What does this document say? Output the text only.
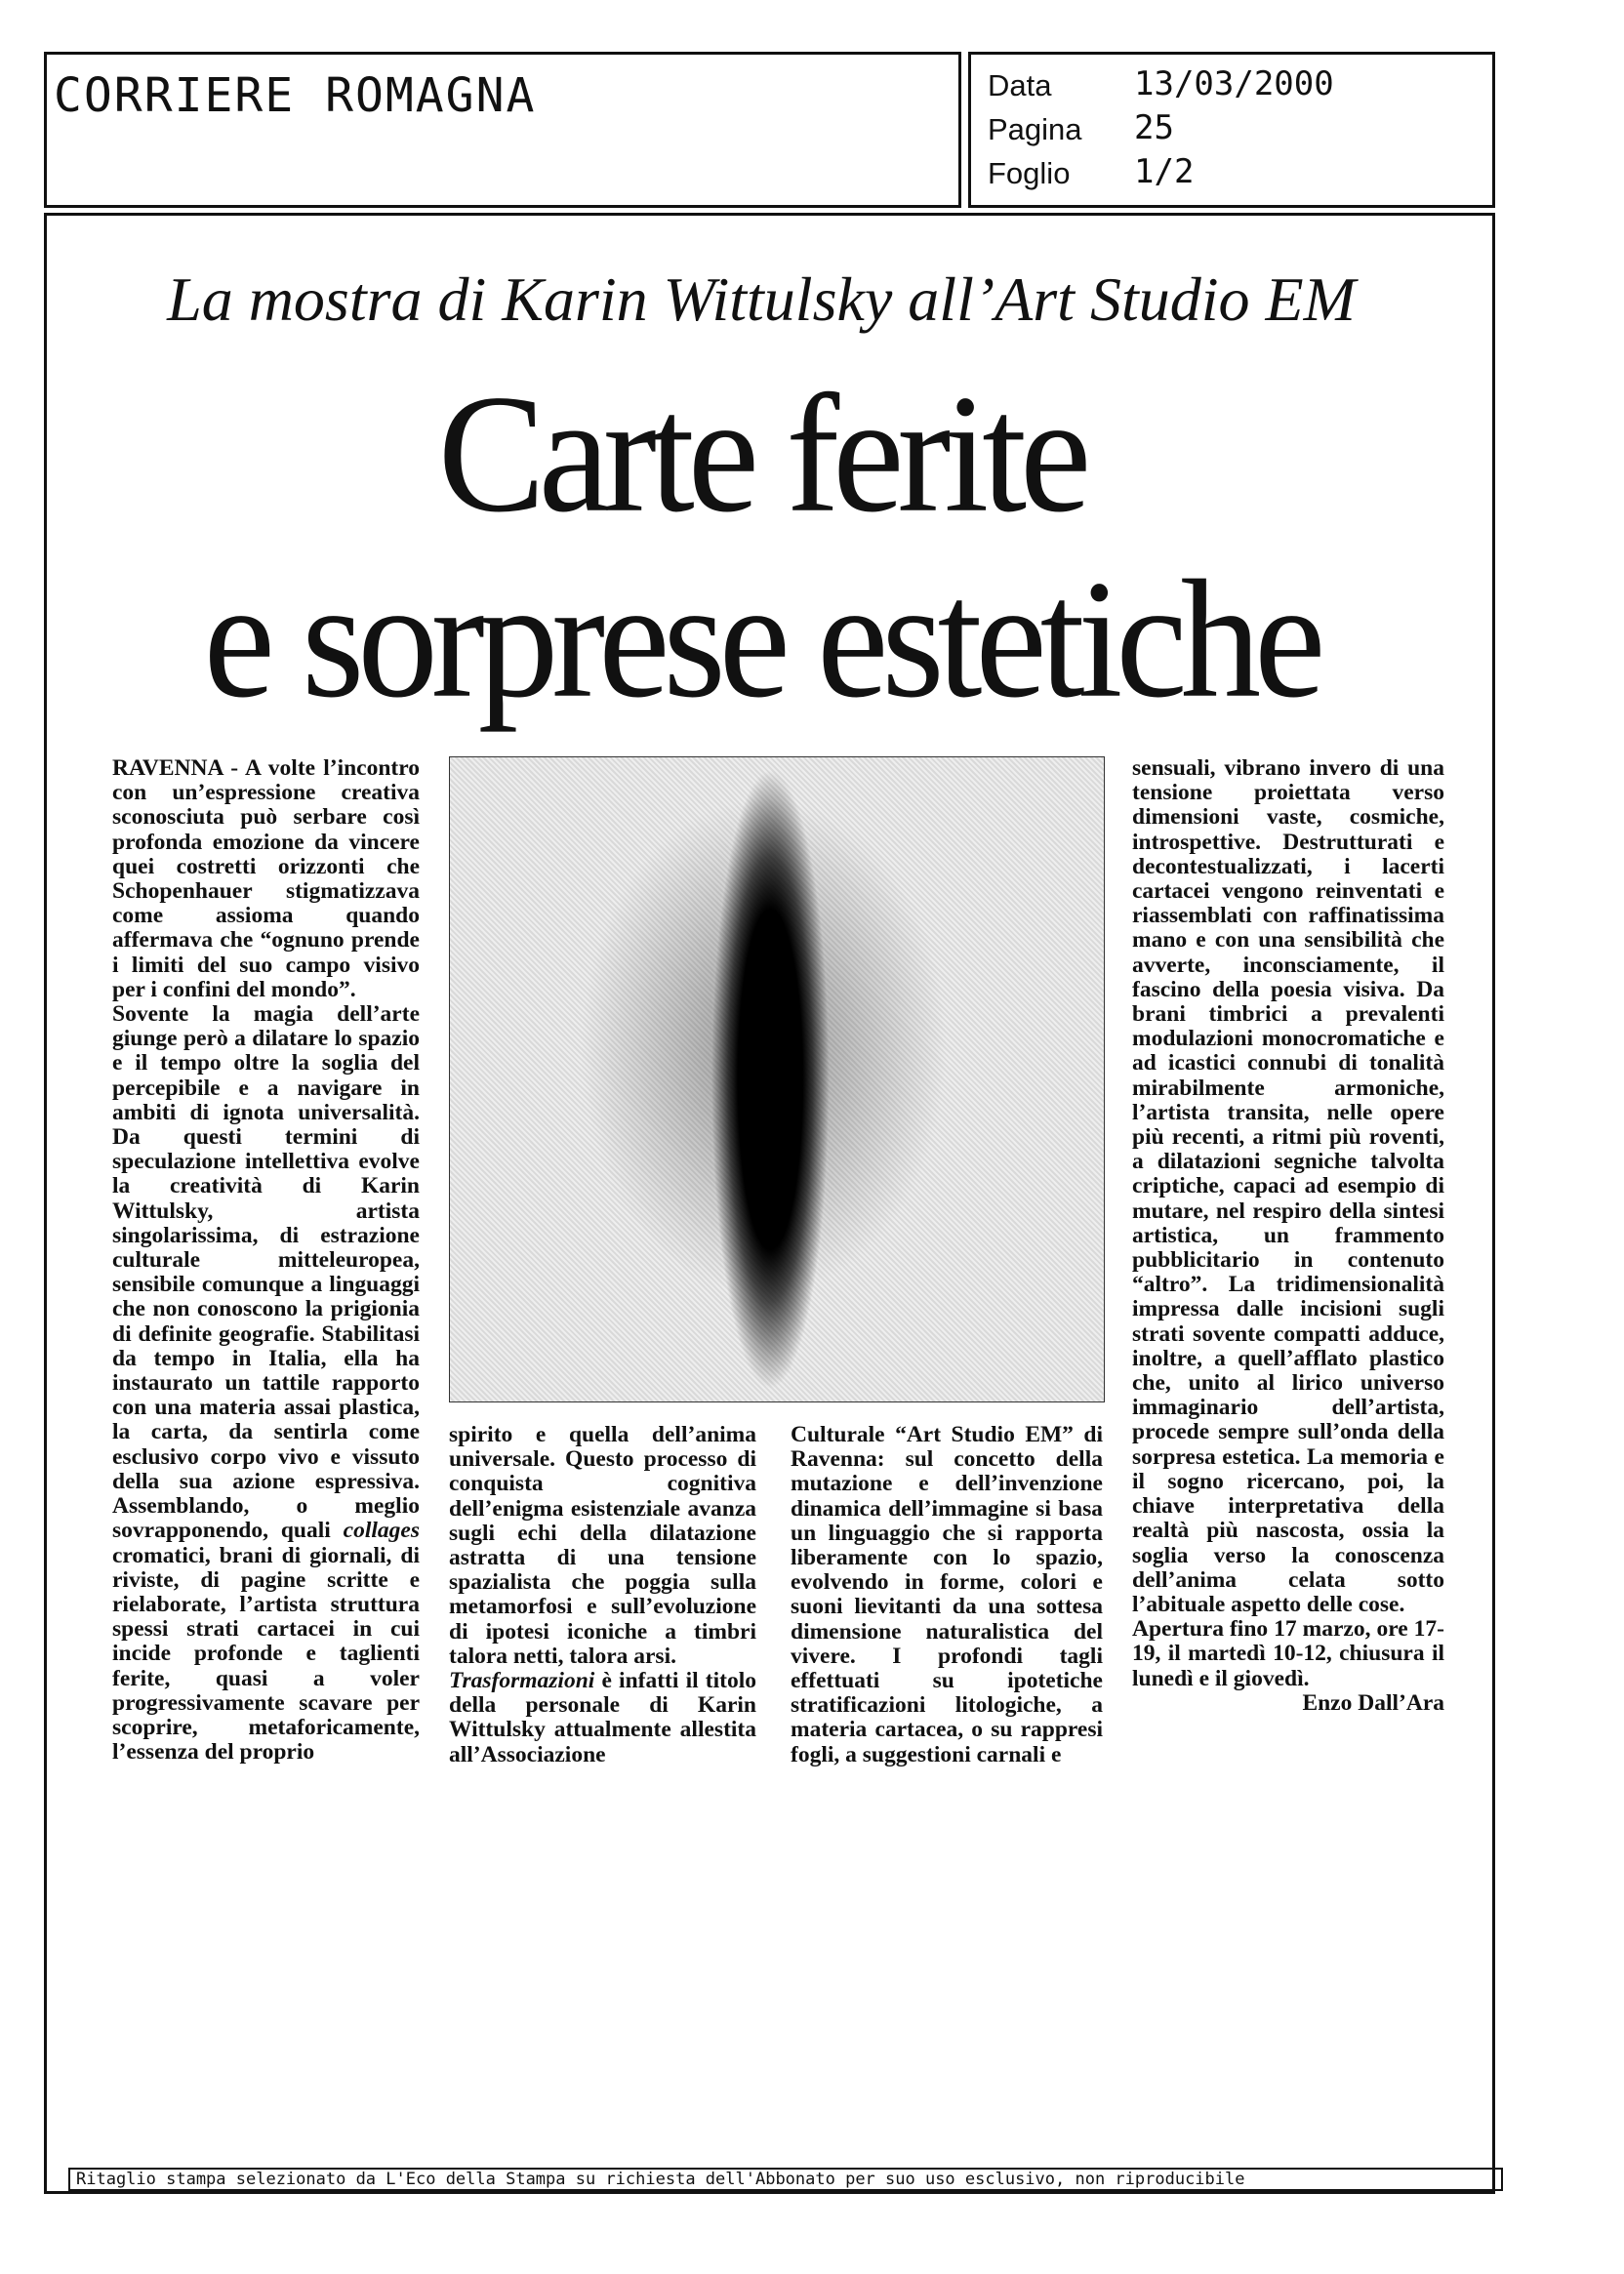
CORRIERE ROMAGNA	Data 13/03/2000
Pagina 25
Foglio 1/2
La mostra di Karin Wittulsky all’Art Studio EM
Carte ferite
e sorprese estetiche

RAVENNA - A volte l’incontro con un’espressione creativa sconosciuta può serbare così profonda emozione da vincere quei costretti orizzonti che Schopenhauer stigmatizzava come assioma quando affermava che “ognuno prende i limiti del suo campo visivo per i confini del mondo”.

Sovente la magia dell’arte giunge però a dilatare lo spazio e il tempo oltre la soglia del percepibile e a navigare in ambiti di ignota universalità. Da questi termini di speculazione intellettiva evolve la creatività di Karin Wittulsky,	artista singolarissima, di estrazione culturale mitteleuropea, sensibile comunque a linguaggi che non conoscono la prigionia di definite geografie. Stabilitasi da tempo in Italia, ella ha instaurato un tattile rapporto con una materia assai plastica, la carta, da sentirla come esclusivo corpo vivo e vissuto della sua azione espressiva. Assemblando, o meglio sovrapponendo, quali collages cromatici, brani di giornali, di riviste, di pagine scritte e rielaborate, l’artista struttura spessi strati cartacei in cui incide profonde e taglienti ferite, quasi a voler progressivamente scavare per scoprire, metaforicamente, l’essenza del proprio

spirito e quella dell’anima universale. Questo processo di conquista cognitiva dell’enigma esistenziale avanza sugli echi della dilatazione astratta di una tensione spazialista che poggia sulla metamorfosi e sull’evoluzione di ipotesi iconiche a timbri talora netti, talora arsi.

Trasformazioni è infatti il titolo della personale di Karin Wittulsky attualmente allestita all’Associazione

Culturale “Art Studio EM” di Ravenna: sul concetto della mutazione e dell’invenzione dinamica dell’immagine si basa un linguaggio che si rapporta liberamente con lo spazio, evolvendo in forme, colori e suoni lievitanti da una sottesa dimensione naturalistica del vivere. I profondi tagli effettuati su ipotetiche stratificazioni litologiche, a materia cartacea, o su rappresi fogli, a suggestioni carnali e

sensuali, vibrano invero di una tensione proiettata verso dimensioni vaste, cosmiche, introspettive. Destrutturati e decontestualizzati, i lacerti cartacei vengono reinventati e riassemblati con raffinatissima mano e con una sensibilità che avverte, inconsciamente, il fascino della poesia visiva. Da brani timbrici a prevalenti modulazioni monocromatiche e ad icastici connubi di tonalità mirabilmente armoniche, l’artista transita, nelle opere più recenti, a ritmi più roventi, a dilatazioni segniche talvolta criptiche, capaci ad esempio di mutare, nel respiro della sintesi artistica, un frammento pubblicitario in contenuto “altro”. La tridimensionalità impressa dalle incisioni sugli strati sovente compatti adduce, inoltre, a quell’afflato plastico che, unito al lirico universo immaginario dell’artista, procede sempre sull’onda della sorpresa estetica. La memoria e il sogno ricercano, poi, la chiave interpretativa della realtà più nascosta, ossia la soglia verso la conoscenza dell’anima celata sotto l’abituale aspetto delle cose.

Apertura fino 17 marzo, ore 17-19, il martedì 10-12, chiusura il lunedì e il giovedì.

Enzo Dall’Ara

Ritaglio stampa selezionato da L'Eco della Stampa su richiesta dell'Abbonato per suo uso esclusivo, non riproducibile
